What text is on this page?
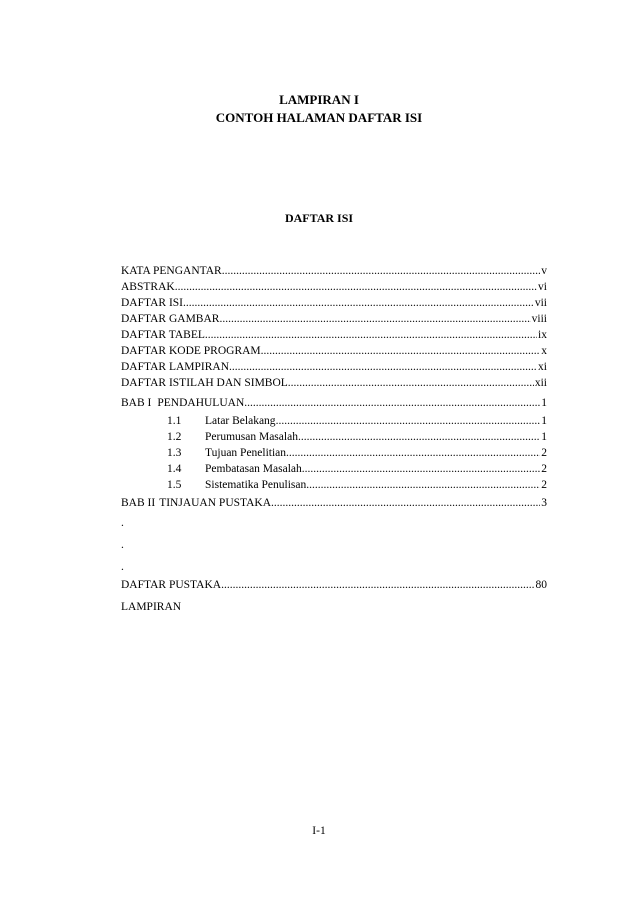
LAMPIRAN I
CONTOH HALAMAN DAFTAR ISI
DAFTAR ISI
KATA PENGANTAR .....	v
ABSTRAK .....	vi
DAFTAR ISI .....	vii
DAFTAR GAMBAR .....	viii
DAFTAR TABEL .....	ix
DAFTAR KODE PROGRAM .....	x
DAFTAR LAMPIRAN .....	xi
DAFTAR ISTILAH DAN SIMBOL .....	xii
BAB I PENDAHULUAN .....	1
1.1	Latar Belakang .....	1
1.2	Perumusan Masalah .....	1
1.3	Tujuan Penelitian .....	2
1.4	Pembatasan Masalah .....	2
1.5	Sistematika Penulisan .....	2
BAB II TINJAUAN PUSTAKA .....	3
.
.
.
DAFTAR PUSTAKA .....	80
LAMPIRAN
I-1
